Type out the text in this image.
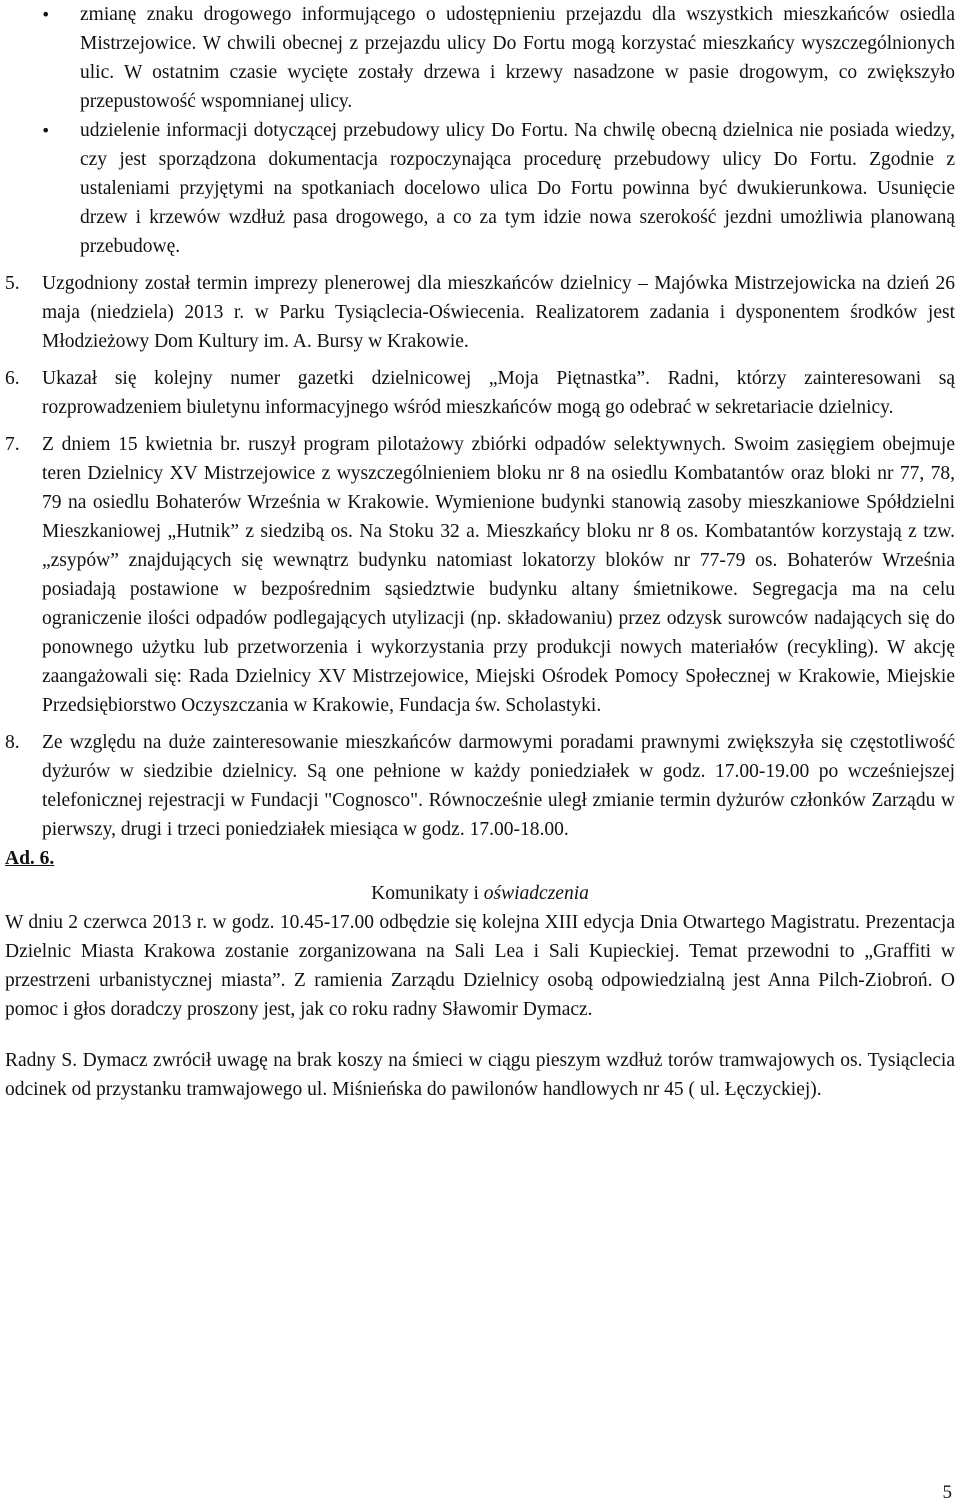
• zmianę znaku drogowego informującego o udostępnieniu przejazdu dla wszystkich mieszkańców osiedla Mistrzejowice. W chwili obecnej z przejazdu ulicy Do Fortu mogą korzystać mieszkańcy wyszczególnionych ulic. W ostatnim czasie wycięte zostały drzewa i krzewy nasadzone w pasie drogowym, co zwiększyło przepustowość wspomnianej ulicy.
• udzielenie informacji dotyczącej przebudowy ulicy Do Fortu. Na chwilę obecną dzielnica nie posiada wiedzy, czy jest sporządzona dokumentacja rozpoczynająca procedurę przebudowy ulicy Do Fortu. Zgodnie z ustaleniami przyjętymi na spotkaniach docelowo ulica Do Fortu powinna być dwukierunkowa. Usunięcie drzew i krzewów wzdłuż pasa drogowego, a co za tym idzie nowa szerokość jezdni umożliwia planowaną przebudowę.
5. Uzgodniony został termin imprezy plenerowej dla mieszkańców dzielnicy – Majówka Mistrzejowicka na dzień 26 maja (niedziela) 2013 r. w Parku Tysiąclecia-Oświecenia. Realizatorem zadania i dysponentem środków jest Młodzieżowy Dom Kultury im. A. Bursy w Krakowie.
6. Ukazał się kolejny numer gazetki dzielnicowej „Moja Piętnastka”. Radni, którzy zainteresowani są rozprowadzeniem biuletynu informacyjnego wśród mieszkańców mogą go odebrać w sekretariacie dzielnicy.
7. Z dniem 15 kwietnia br. ruszył program pilotażowy zbiórki odpadów selektywnych. Swoim zasięgiem obejmuje teren Dzielnicy XV Mistrzejowice z wyszczególnieniem bloku nr 8 na osiedlu Kombatantów oraz bloki nr 77, 78, 79 na osiedlu Bohaterów Września w Krakowie. Wymienione budynki stanowią zasoby mieszkaniowe Spółdzielni Mieszkaniowej „Hutnik” z siedzibą os. Na Stoku 32 a. Mieszkańcy bloku nr 8 os. Kombatantów korzystają z tzw. „zsypów” znajdujących się wewnątrz budynku natomiast lokatorzy bloków nr 77-79 os. Bohaterów Września posiadają postawione w bezpośrednim sąsiedztwie budynku altany śmietnikowe. Segregacja ma na celu ograniczenie ilości odpadów podlegających utylizacji (np. składowaniu) przez odzysk surowców nadających się do ponownego użytku lub przetworzenia i wykorzystania przy produkcji nowych materiałów (recykling). W akcję zaangażowali się: Rada Dzielnicy XV Mistrzejowice, Miejski Ośrodek Pomocy Społecznej w Krakowie, Miejskie Przedsiębiorstwo Oczyszczania w Krakowie, Fundacja św. Scholastyki.
8. Ze względu na duże zainteresowanie mieszkańców darmowymi poradami prawnymi zwiększyła się częstotliwość dyżurów w siedzibie dzielnicy. Są one pełnione w każdy poniedziałek w godz. 17.00-19.00 po wcześniejszej telefonicznej rejestracji w Fundacji "Cognosco". Równocześnie uległ zmianie termin dyżurów członków Zarządu w pierwszy, drugi i trzeci poniedziałek miesiąca w godz. 17.00-18.00.

Ad. 6.

Komunikaty i oświadczenia

W dniu 2 czerwca 2013 r. w godz. 10.45-17.00 odbędzie się kolejna XIII edycja Dnia Otwartego Magistratu. Prezentacja Dzielnic Miasta Krakowa zostanie zorganizowana na Sali Lea i Sali Kupieckiej. Temat przewodni to „Graffiti w przestrzeni urbanistycznej miasta”. Z ramienia Zarządu Dzielnicy osobą odpowiedzialną jest Anna Pilch-Ziobroń. O pomoc i głos doradczy proszony jest, jak co roku radny Sławomir Dymacz.

Radny S. Dymacz zwrócił uwagę na brak koszy na śmieci w ciągu pieszym wzdłuż torów tramwajowych os. Tysiąclecia odcinek od przystanku tramwajowego ul. Miśnieńska do pawilonów handlowych nr 45 ( ul. Łęczyckiej).

5
